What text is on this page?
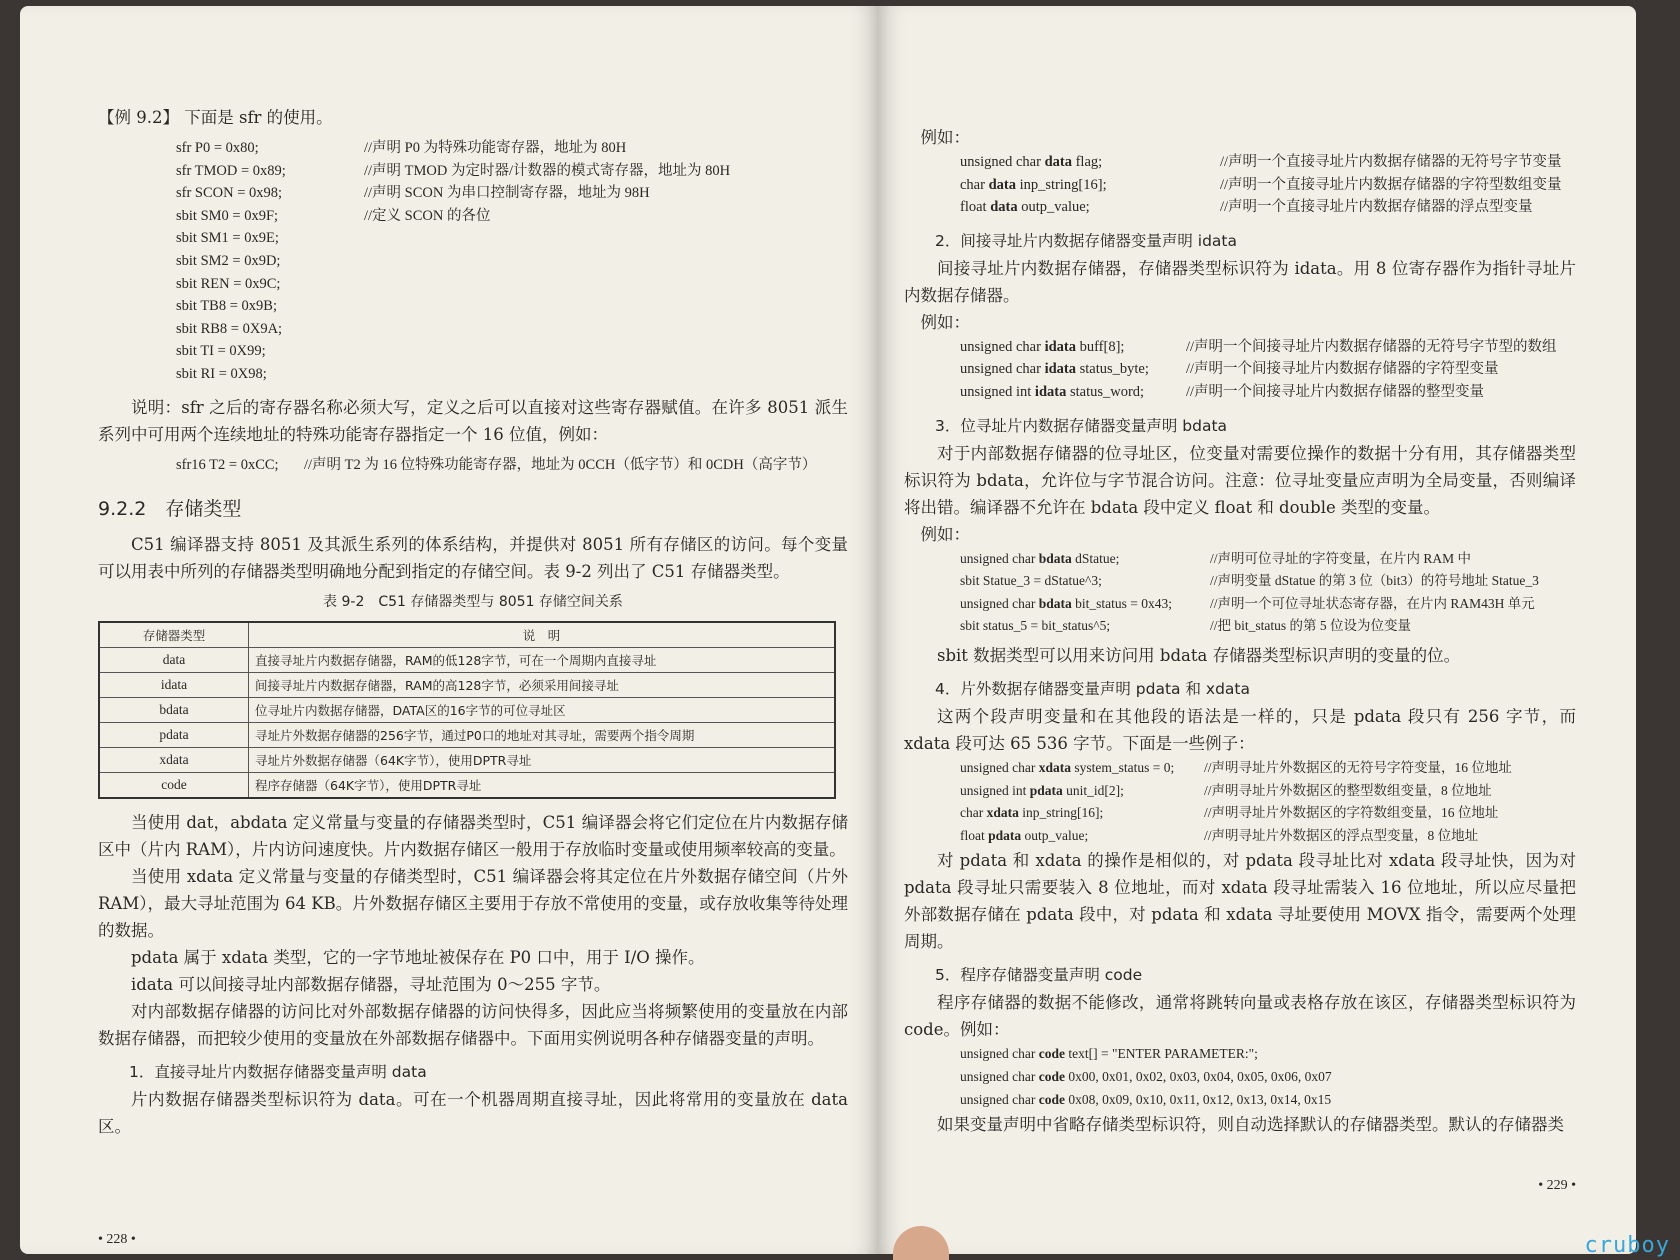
【例 9.2】 下面是 sfr 的使用。

sfr P0 = 0x80;	//声明 P0 为特殊功能寄存器，地址为 80H
sfr TMOD = 0x89;	//声明 TMOD 为定时器/计数器的模式寄存器，地址为 80H
sfr SCON = 0x98;	//声明 SCON 为串口控制寄存器，地址为 98H
sbit SM0 = 0x9F;	//定义 SCON 的各位
sbit SM1 = 0x9E;
sbit SM2 = 0x9D;
sbit REN = 0x9C;
sbit TB8 = 0x9B;
sbit RB8 = 0X9A;
sbit TI = 0X99;
sbit RI = 0X98;

说明：sfr 之后的寄存器名称必须大写，定义之后可以直接对这些寄存器赋值。在许多 8051 派生系列中可用两个连续地址的特殊功能寄存器指定一个 16 位值，例如：

sfr16 T2 = 0xCC;	//声明 T2 为 16 位特殊功能寄存器，地址为 0CCH（低字节）和 0CDH（高字节）
9.2.2　存储类型

C51 编译器支持 8051 及其派生系列的体系结构，并提供对 8051 所有存储区的访问。每个变量可以用表中所列的存储器类型明确地分配到指定的存储空间。表 9-2 列出了 C51 存储器类型。

表 9-2　C51 存储器类型与 8051 存储空间关系
存储器类型	说　明
data	直接寻址片内数据存储器，RAM的低128字节，可在一个周期内直接寻址
idata	间接寻址片内数据存储器，RAM的高128字节，必须采用间接寻址
bdata	位寻址片内数据存储器，DATA区的16字节的可位寻址区
pdata	寻址片外数据存储器的256字节，通过P0口的地址对其寻址，需要两个指令周期
xdata	寻址片外数据存储器（64K字节），使用DPTR寻址
code	程序存储器（64K字节），使用DPTR寻址

当使用 dat，abdata 定义常量与变量的存储器类型时，C51 编译器会将它们定位在片内数据存储区中（片内 RAM），片内访问速度快。片内数据存储区一般用于存放临时变量或使用频率较高的变量。

当使用 xdata 定义常量与变量的存储类型时，C51 编译器会将其定位在片外数据存储空间（片外 RAM），最大寻址范围为 64 KB。片外数据存储区主要用于存放不常使用的变量，或存放收集等待处理的数据。

pdata 属于 xdata 类型，它的一字节地址被保存在 P0 口中，用于 I/O 操作。

idata 可以间接寻址内部数据存储器，寻址范围为 0～255 字节。

对内部数据存储器的访问比对外部数据存储器的访问快得多，因此应当将频繁使用的变量放在内部数据存储器，而把较少使用的变量放在外部数据存储器中。下面用实例说明各种存储器变量的声明。

1．直接寻址片内数据存储器变量声明 data

片内数据存储器类型标识符为 data。可在一个机器周期直接寻址，因此将常用的变量放在 data 区。

• 228 •

例如：

unsigned char data flag;	//声明一个直接寻址片内数据存储器的无符号字节变量
char data inp_string[16];	//声明一个直接寻址片内数据存储器的字符型数组变量
float data outp_value;	//声明一个直接寻址片内数据存储器的浮点型变量
2．间接寻址片内数据存储器变量声明 idata

间接寻址片内数据存储器，存储器类型标识符为 idata。用 8 位寄存器作为指针寻址片内数据存储器。

例如：

unsigned char idata buff[8];	//声明一个间接寻址片内数据存储器的无符号字节型的数组
unsigned char idata status_byte;	//声明一个间接寻址片内数据存储器的字符型变量
unsigned int idata status_word;	//声明一个间接寻址片内数据存储器的整型变量
3．位寻址片内数据存储器变量声明 bdata

对于内部数据存储器的位寻址区，位变量对需要位操作的数据十分有用，其存储器类型标识符为 bdata，允许位与字节混合访问。注意：位寻址变量应声明为全局变量，否则编译将出错。编译器不允许在 bdata 段中定义 float 和 double 类型的变量。

例如：

unsigned char bdata dStatue;	//声明可位寻址的字符变量，在片内 RAM 中
sbit Statue_3 = dStatue^3;	//声明变量 dStatue 的第 3 位（bit3）的符号地址 Statue_3
unsigned char bdata bit_status = 0x43;	//声明一个可位寻址状态寄存器，在片内 RAM43H 单元
sbit status_5 = bit_status^5;	//把 bit_status 的第 5 位设为位变量

sbit 数据类型可以用来访问用 bdata 存储器类型标识声明的变量的位。

4．片外数据存储器变量声明 pdata 和 xdata

这两个段声明变量和在其他段的语法是一样的，只是 pdata 段只有 256 字节，而 xdata 段可达 65 536 字节。下面是一些例子：

unsigned char xdata system_status = 0;	//声明寻址片外数据区的无符号字符变量，16 位地址
unsigned int pdata unit_id[2];	//声明寻址片外数据区的整型数组变量，8 位地址
char xdata inp_string[16];	//声明寻址片外数据区的字符数组变量，16 位地址
float pdata outp_value;	//声明寻址片外数据区的浮点型变量，8 位地址

对 pdata 和 xdata 的操作是相似的，对 pdata 段寻址比对 xdata 段寻址快，因为对 pdata 段寻址只需要装入 8 位地址，而对 xdata 段寻址需装入 16 位地址，所以应尽量把外部数据存储在 pdata 段中，对 pdata 和 xdata 寻址要使用 MOVX 指令，需要两个处理周期。

5．程序存储器变量声明 code

程序存储器的数据不能修改，通常将跳转向量或表格存放在该区，存储器类型标识符为 code。例如：

unsigned char code text[] = "ENTER PARAMETER:";
unsigned char code 0x00, 0x01, 0x02, 0x03, 0x04, 0x05, 0x06, 0x07
unsigned char code 0x08, 0x09, 0x10, 0x11, 0x12, 0x13, 0x14, 0x15

如果变量声明中省略存储类型标识符，则自动选择默认的存储器类型。默认的存储器类

• 229 •
cruboy
